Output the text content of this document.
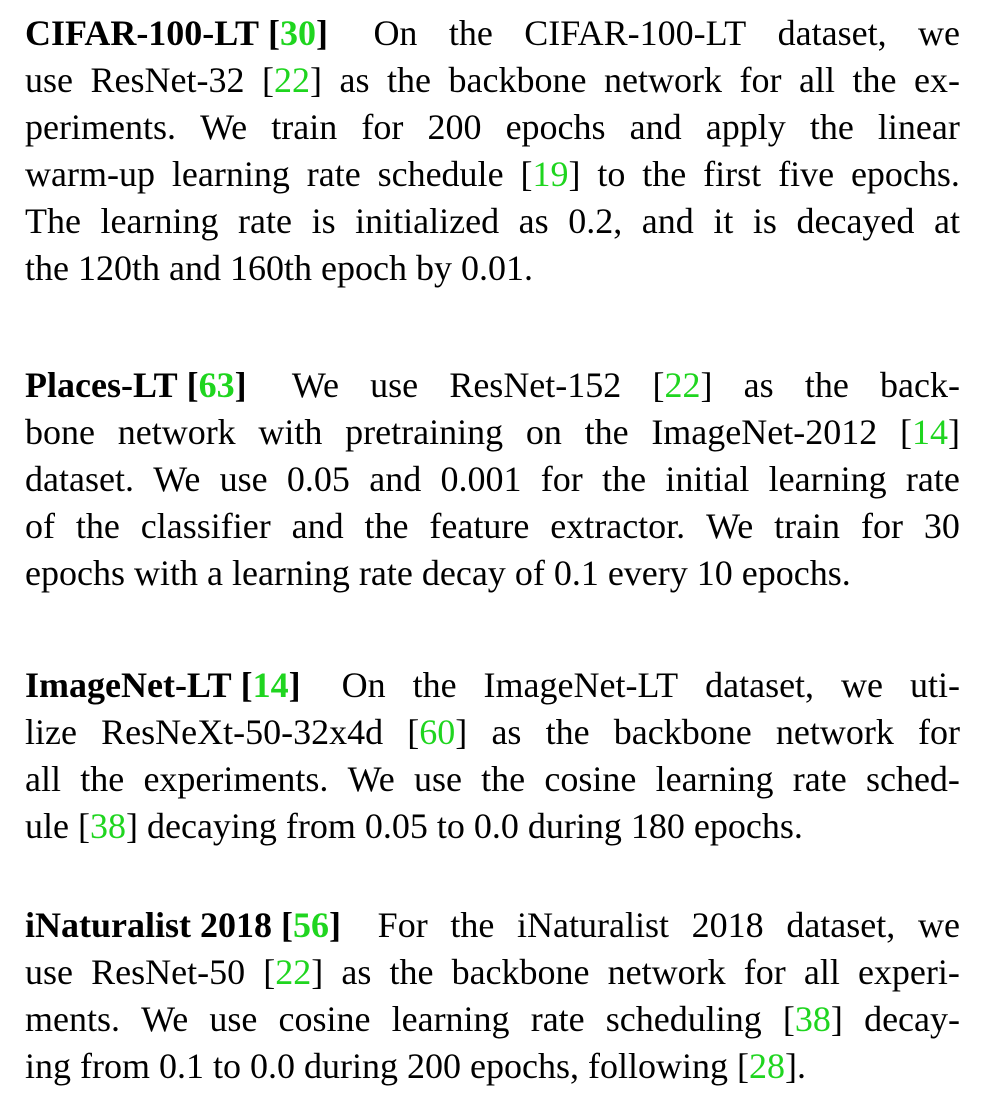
CIFAR-100-LT [ 30 ] On the CIFAR-100-LT dataset, we
use ResNet-32 [22] as the backbone network for all the ex-
periments. We train for 200 epochs and apply the linear
warm-up learning rate schedule [19] to the first five epochs.
The learning rate is initialized as 0.2, and it is decayed at
the 120th and 160th epoch by 0.01.
Places-LT [ 63 ] We use ResNet-152 [22] as the back-
bone network with pretraining on the ImageNet-2012 [14]
dataset. We use 0.05 and 0.001 for the initial learning rate
of the classifier and the feature extractor. We train for 30
epochs with a learning rate decay of 0.1 every 10 epochs.
ImageNet-LT [ 14 ] On the ImageNet-LT dataset, we uti-
lize ResNeXt-50-32x4d [60] as the backbone network for
all the experiments. We use the cosine learning rate sched-
ule [38] decaying from 0.05 to 0.0 during 180 epochs.
iNaturalist 2018 [ 56 ] For the iNaturalist 2018 dataset, we
use ResNet-50 [22] as the backbone network for all experi-
ments. We use cosine learning rate scheduling [38] decay-
ing from 0.1 to 0.0 during 200 epochs, following [28].
